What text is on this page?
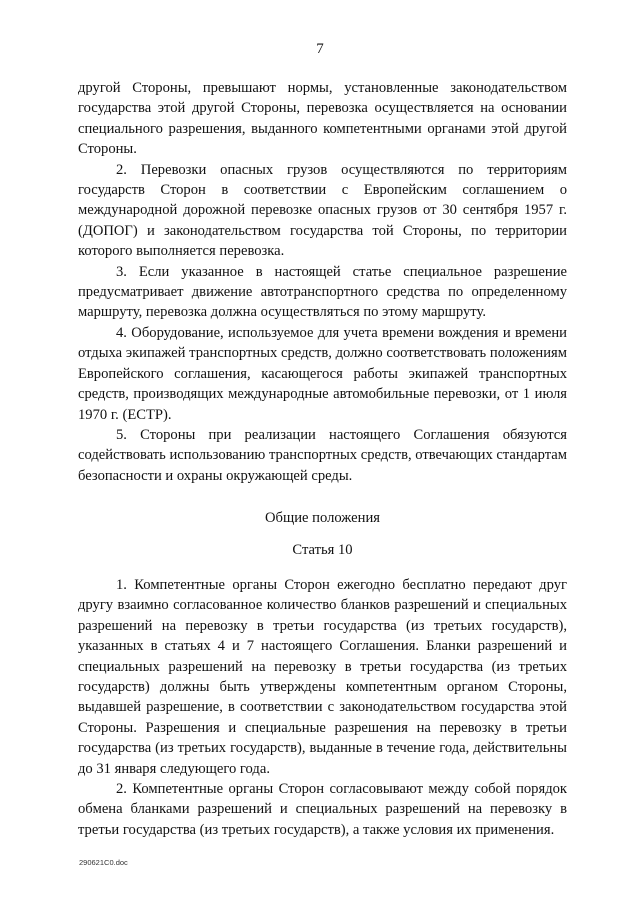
7

другой Стороны, превышают нормы, установленные законодательством государства этой другой Стороны, перевозка осуществляется на основании специального разрешения, выданного компетентными органами этой другой Стороны.

2. Перевозки опасных грузов осуществляются по территориям государств Сторон в соответствии с Европейским соглашением о международной дорожной перевозке опасных грузов от 30 сентября 1957 г. (ДОПОГ) и законодательством государства той Стороны, по территории которого выполняется перевозка.

3. Если указанное в настоящей статье специальное разрешение предусматривает движение автотранспортного средства по определенному маршруту, перевозка должна осуществляться по этому маршруту.

4. Оборудование, используемое для учета времени вождения и времени отдыха экипажей транспортных средств, должно соответствовать положениям Европейского соглашения, касающегося работы экипажей транспортных средств, производящих международные автомобильные перевозки, от 1 июля 1970 г. (ЕСТР).

5. Стороны при реализации настоящего Соглашения обязуются содействовать использованию транспортных средств, отвечающих стандартам безопасности и охраны окружающей среды.

Общие положения

Статья 10

1. Компетентные органы Сторон ежегодно бесплатно передают друг другу взаимно согласованное количество бланков разрешений и специальных разрешений на перевозку в третьи государства (из третьих государств), указанных в статьях 4 и 7 настоящего Соглашения. Бланки разрешений и специальных разрешений на перевозку в третьи государства (из третьих государств) должны быть утверждены компетентным органом Стороны, выдавшей разрешение, в соответствии с законодательством государства этой Стороны. Разрешения и специальные разрешения на перевозку в третьи государства (из третьих государств), выданные в течение года, действительны до 31 января следующего года.

2. Компетентные органы Сторон согласовывают между собой порядок обмена бланками разрешений и специальных разрешений на перевозку в третьи государства (из третьих государств), а также условия их применения.

290621C0.doc
